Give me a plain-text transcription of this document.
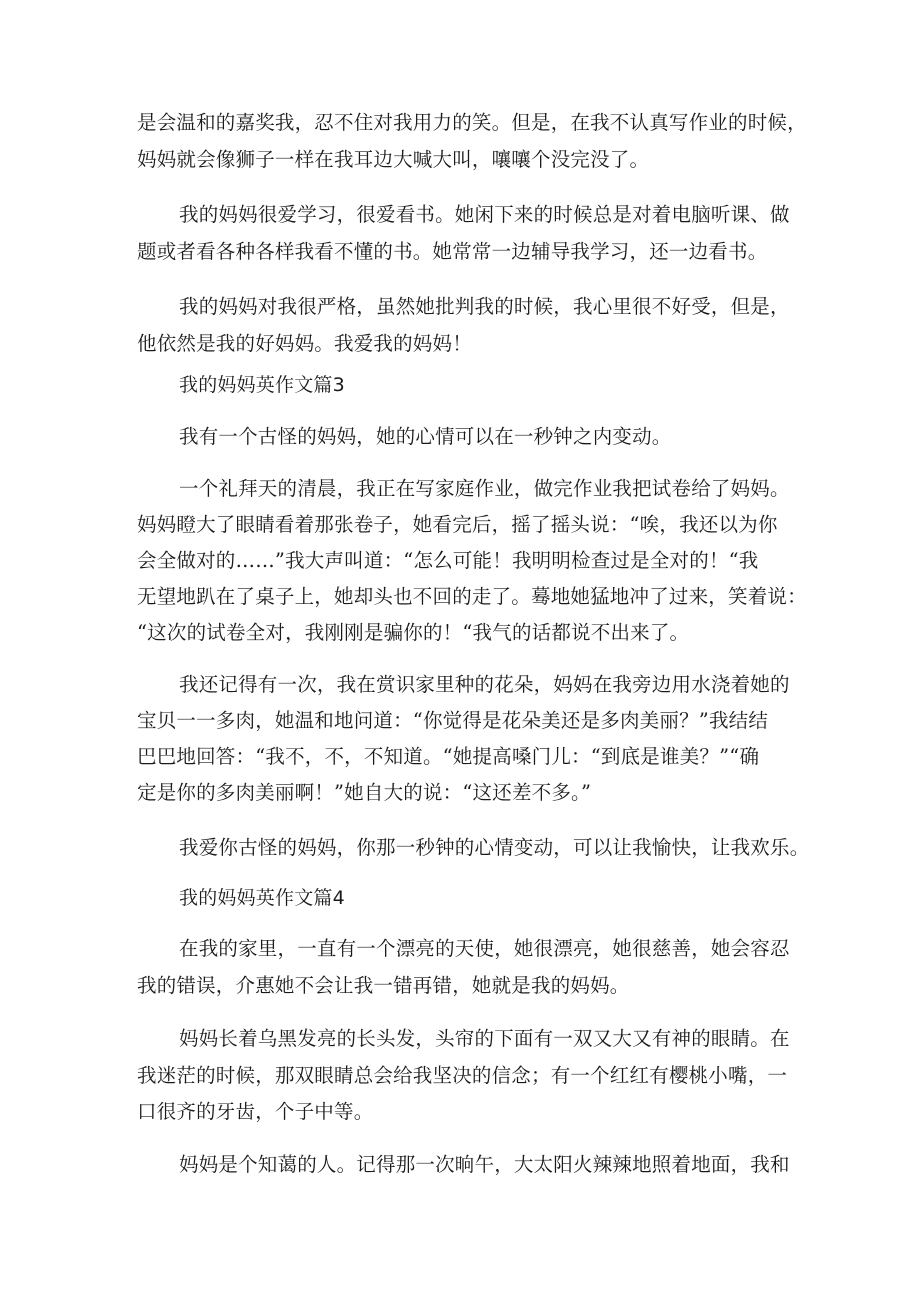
是会温和的嘉奖我，忍不住对我用力的笑。但是，在我不认真写作业的时候，
妈妈就会像狮子一样在我耳边大喊大叫，嚷嚷个没完没了。
我的妈妈很爱学习，很爱看书。她闲下来的时候总是对着电脑听课、做
题或者看各种各样我看不懂的书。她常常一边辅导我学习，还一边看书。
我的妈妈对我很严格，虽然她批判我的时候，我心里很不好受，但是，
他依然是我的好妈妈。我爱我的妈妈！
我的妈妈英作文篇3
我有一个古怪的妈妈，她的心情可以在一秒钟之内变动。
一个礼拜天的清晨，我正在写家庭作业，做完作业我把试卷给了妈妈。
妈妈瞪大了眼睛看着那张卷子，她看完后，摇了摇头说：“唉，我还以为你
会全做对的……”我大声叫道：“怎么可能！我明明检查过是全对的！“我
无望地趴在了桌子上，她却头也不回的走了。蓦地她猛地冲了过来，笑着说：
“这次的试卷全对，我刚刚是骗你的！“我气的话都说不出来了。
我还记得有一次，我在赏识家里种的花朵，妈妈在我旁边用水浇着她的
宝贝一一多肉，她温和地问道：“你觉得是花朵美还是多肉美丽？”我结结
巴巴地回答：“我不，不，不知道。“她提高嗓门儿：“到底是谁美？”“确
定是你的多肉美丽啊！”她自大的说：“这还差不多。”
我爱你古怪的妈妈，你那一秒钟的心情变动，可以让我愉快，让我欢乐。
我的妈妈英作文篇4
在我的家里，一直有一个漂亮的天使，她很漂亮，她很慈善，她会容忍
我的错误，介惠她不会让我一错再错，她就是我的妈妈。
妈妈长着乌黑发亮的长头发，头帘的下面有一双又大又有神的眼睛。在
我迷茫的时候，那双眼睛总会给我坚决的信念；有一个红红有樱桃小嘴，一
口很齐的牙齿，个子中等。
妈妈是个知蔼的人。记得那一次晌午，大太阳火辣辣地照着地面，我和
